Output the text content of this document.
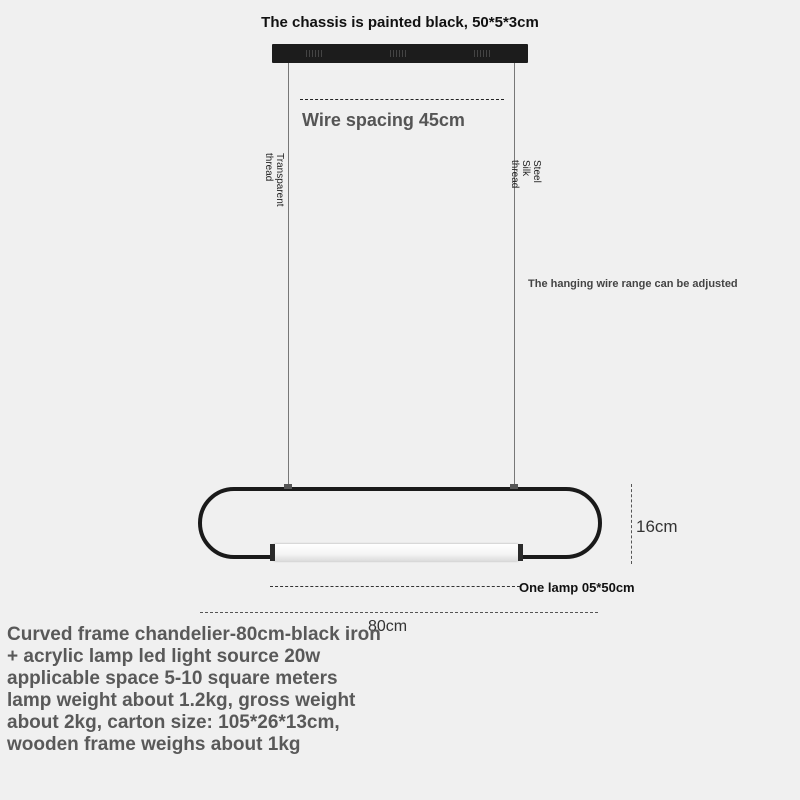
The chassis is painted black, 50*5*3cm
Wire spacing 45cm
Transparent
thread	Steel
Silk
thread
The hanging wire range can be adjusted
16cm
One lamp 05*50cm
80cm
Curved frame chandelier-80cm-black iron + acrylic lamp led light source 20w applicable space 5-10 square meters lamp weight about 1.2kg, gross weight about 2kg, carton size: 105*26*13cm, wooden frame weighs about 1kg
